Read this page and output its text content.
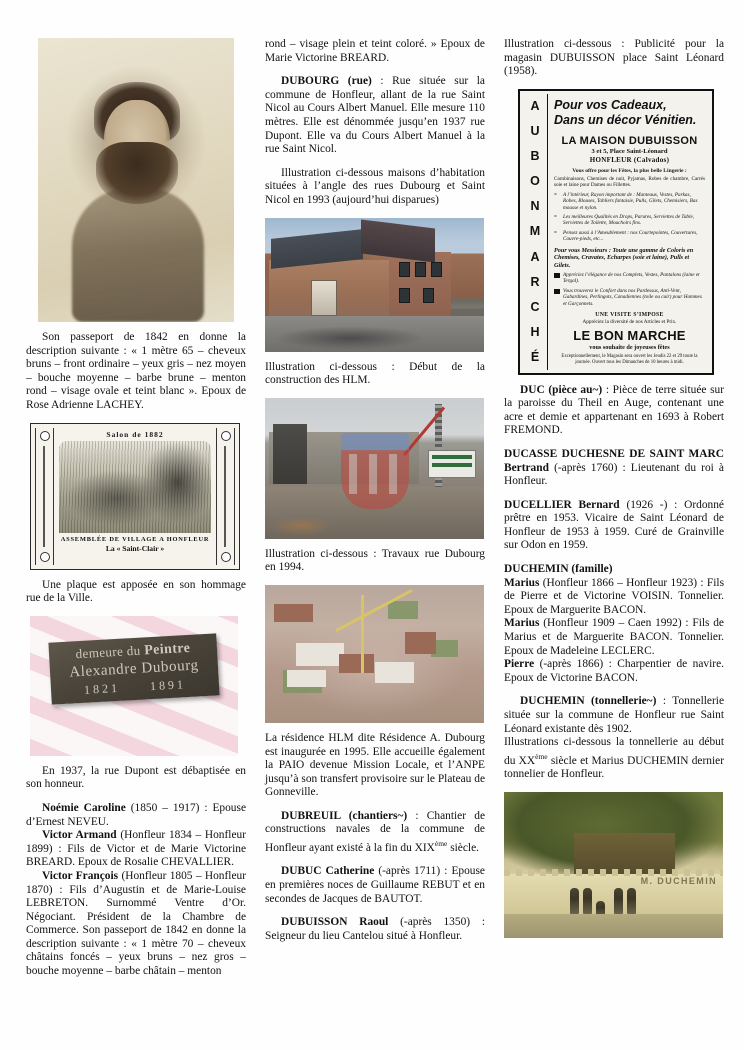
Son passeport de 1842 en donne la description suivante : « 1 mètre 65 – cheveux bruns – front ordinaire – yeux gris – nez moyen – bouche moyenne – barbe brune – menton rond – visage ovale et teint blanc ». Epoux de Rose Adrienne LACHEY.

Salon de 1882
ASSEMBLÉE DE VILLAGE A HONFLEUR
La « Saint-Clair »

Une plaque est apposée en son hommage rue de la Ville.

demeure du Peintre
Alexandre Dubourg
1821 1891

En 1937, la rue Dupont est débaptisée en son honneur.

Noémie Caroline (1850 – 1917) : Epouse d’Ernest NEVEU.

Victor Armand (Honfleur 1834 – Honfleur 1899) : Fils de Victor et de Marie Victorine BREARD. Epoux de Rosalie CHEVALLIER.

Victor François (Honfleur 1805 – Honfleur 1870) : Fils d’Augustin et de Marie-Louise LEBRETON. Surnommé Ventre d’Or. Négociant. Président de la Chambre de Commerce. Son passeport de 1842 en donne la description suivante : « 1 mètre 70 – cheveux châtains foncés – yeux bruns – nez gros – bouche moyenne – barbe châtain – menton

rond – visage plein et teint coloré. » Epoux de Marie Victorine BREARD.

DUBOURG (rue) : Rue située sur la commune de Honfleur, allant de la rue Saint Nicol au Cours Albert Manuel. Elle mesure 110 mètres. Elle est dénommée jusqu’en 1937 rue Dupont. Elle va du Cours Albert Manuel à la rue Saint Nicol.

Illustration ci-dessous maisons d’habitation situées à l’angle des rues Dubourg et Saint Nicol en 1993 (aujourd’hui disparues)

Illustration ci-dessous : Début de la construction des HLM.

Illustration ci-dessous : Travaux rue Dubourg en 1994.

La résidence HLM dite Résidence A. Dubourg est inaugurée en 1995. Elle accueille également la PAIO devenue Mission Locale, et l’ANPE jusqu’à son transfert provisoire sur le Plateau de Gonneville.

DUBREUIL (chantiers~) : Chantier de constructions navales de la commune de Honfleur ayant existé à la fin du XIXème siècle.

DUBUC Catherine (-après 1711) : Epouse en premières noces de Guillaume REBUT et en secondes de Jacques de BAUTOT.

DUBUISSON Raoul (-après 1350) : Seigneur du lieu Cantelou situé à Honfleur.

Illustration ci-dessous : Publicité pour la magasin DUBUISSON place Saint Léonard (1958).

A
U
B
O
N
M
A
R
C
H
É
Pour vos Cadeaux,
Dans un décor Vénitien.
LA MAISON DUBUISSON
3 et 5, Place Saint-Léonard
HONFLEUR (Calvados)
Vous offre pour les Fêtes, la plus belle Lingerie :

Combinaisons, Chemises de nuit, Pyjamas, Robes de chambre, Carrés soie et laine pour Dames ou Fillettes.

=	A l’intérieur, Rayon important de : Manteaux, Vestes, Parkas, Robes, Blouses, Tabliers fantaisie, Pulls, Gilets, Chemisiers, Bas mousse et nylon.
=	Les meilleures Qualités en Drops, Parures, Serviettes de Table, Serviettes de Toilette, Mouchoirs fins.
=	Pensez aussi à l’Ameublement : nos Courtepointes, Couvertures, Couvre-pieds, etc...
Pour vous Messieurs : Toute une gamme de Coloris en Chemises, Cravates, Echarpes (soie et laine), Pulls et Gilets.
Appréciez l’élégance de nos Complets, Vestes, Pantalons (laine et Tergal).
Vous trouverez le Confort dans nos Pardessus, Anti-Vent, Gabardines, Perlingots, Canadiennes (toile ou cuir) pour Hommes et Garçonnets.
UNE VISITE S’IMPOSE
Appréciez la diversité de nos Articles et Prix.
LE BON MARCHE
vous souhaite de joyeuses fêtes
Exceptionnellement, le Magasin sera ouvert les Jeudis 22 et 29 toute la journée. Ouvert tous les Dimanches de 10 heures à midi.

DUC (pièce au~) : Pièce de terre située sur la paroisse du Theil en Auge, contenant une acre et demie et appartenant en 1693 à Robert FREMOND.

DUCASSE DUCHESNE DE SAINT MARC Bertrand (-après 1760) : Lieutenant du roi à Honfleur.

DUCELLIER Bernard (1926 -) : Ordonné prêtre en 1953. Vicaire de Saint Léonard de Honfleur de 1953 à 1959. Curé de Grainville sur Odon en 1959.

DUCHEMIN (famille)

Marius (Honfleur 1866 – Honfleur 1923) : Fils de Pierre et de Victorine VOISIN. Tonnelier. Epoux de Marguerite BACON.

Marius (Honfleur 1909 – Caen 1992) : Fils de Marius et de Marguerite BACON. Tonnelier. Epoux de Madeleine LECLERC.

Pierre (-après 1866) : Charpentier de navire. Epoux de Victorine BACON.

DUCHEMIN (tonnellerie~) : Tonnellerie située sur la commune de Honfleur rue Saint Léonard existante dès 1902.

Illustrations ci-dessous la tonnellerie au début du XXème siècle et Marius DUCHEMIN dernier tonnelier de Honfleur.

M. DUCHEMIN
